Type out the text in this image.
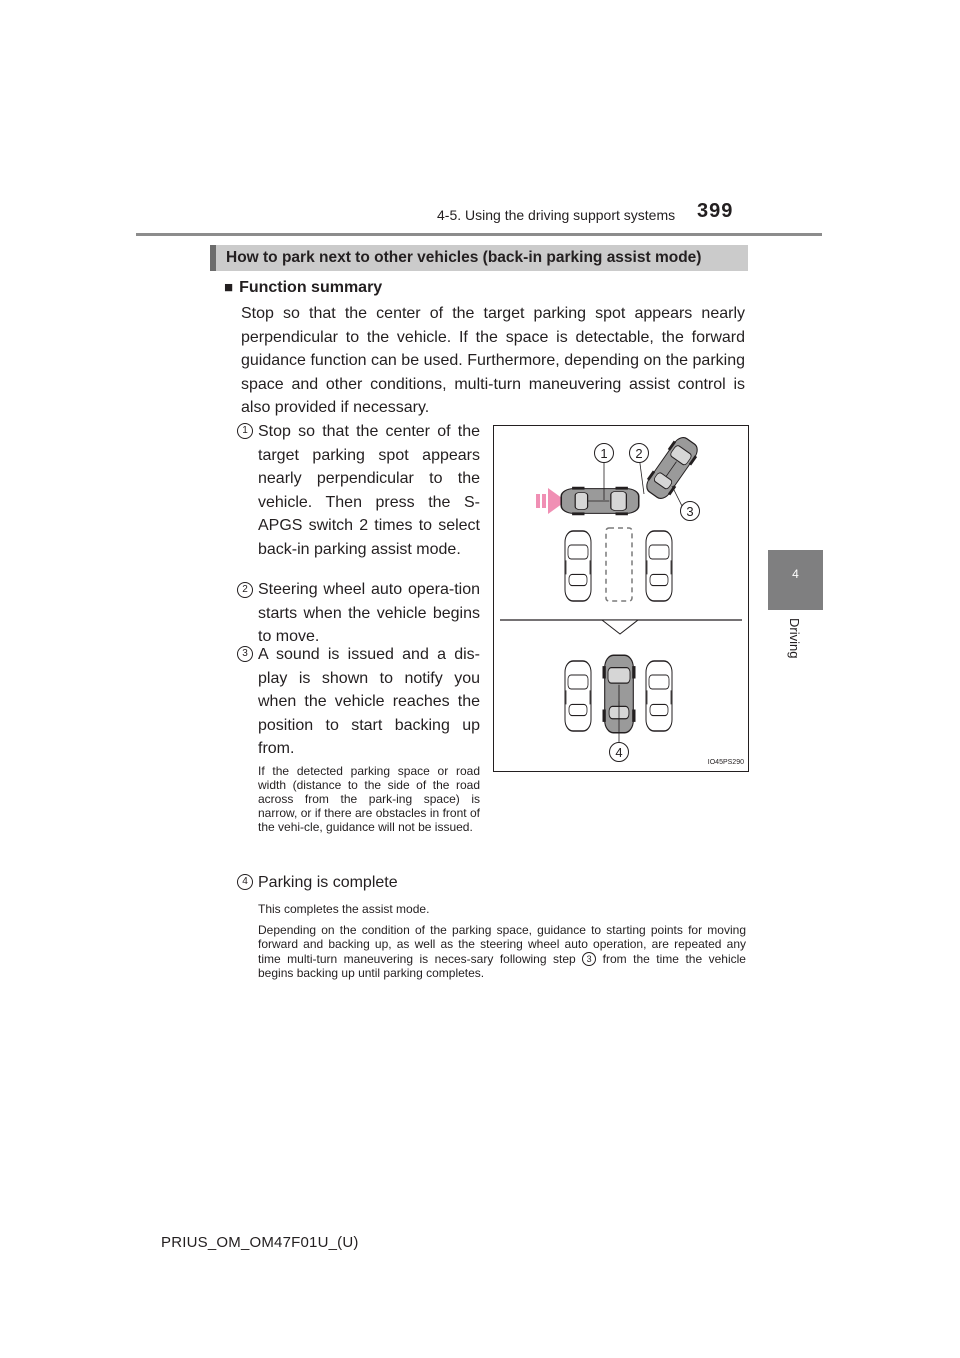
4-5. Using the driving support systems 399
4
Driving
How to park next to other vehicles (back-in parking assist mode)
■ Function summary
Stop so that the center of the target parking spot appears nearly perpendicular to the vehicle. If the space is detectable, the forward guidance function can be used. Furthermore, depending on the parking space and other conditions, multi-turn maneuvering assist control is also provided if necessary.
1 Stop so that the center of the target parking spot appears nearly perpendicular to the vehicle. Then press the S-APGS switch 2 times to select back-in parking assist mode.
2 Steering wheel auto opera-tion starts when the vehicle begins to move.
3 A sound is issued and a dis-play is shown to notify you when the vehicle reaches the position to start backing up from.
If the detected parking space or road width (distance to the side of the road across from the park-ing space) is narrow, or if there are obstacles in front of the vehi-cle, guidance will not be issued.
4 Parking is complete
This completes the assist mode.
Depending on the condition of the parking space, guidance to starting points for moving forward and backing up, as well as the steering wheel auto operation, are repeated any time multi-turn maneuvering is neces-sary following step 3 from the time the vehicle begins backing up until parking completes.
1 2
3
4
IO45PS290
PRIUS_OM_OM47F01U_(U)
